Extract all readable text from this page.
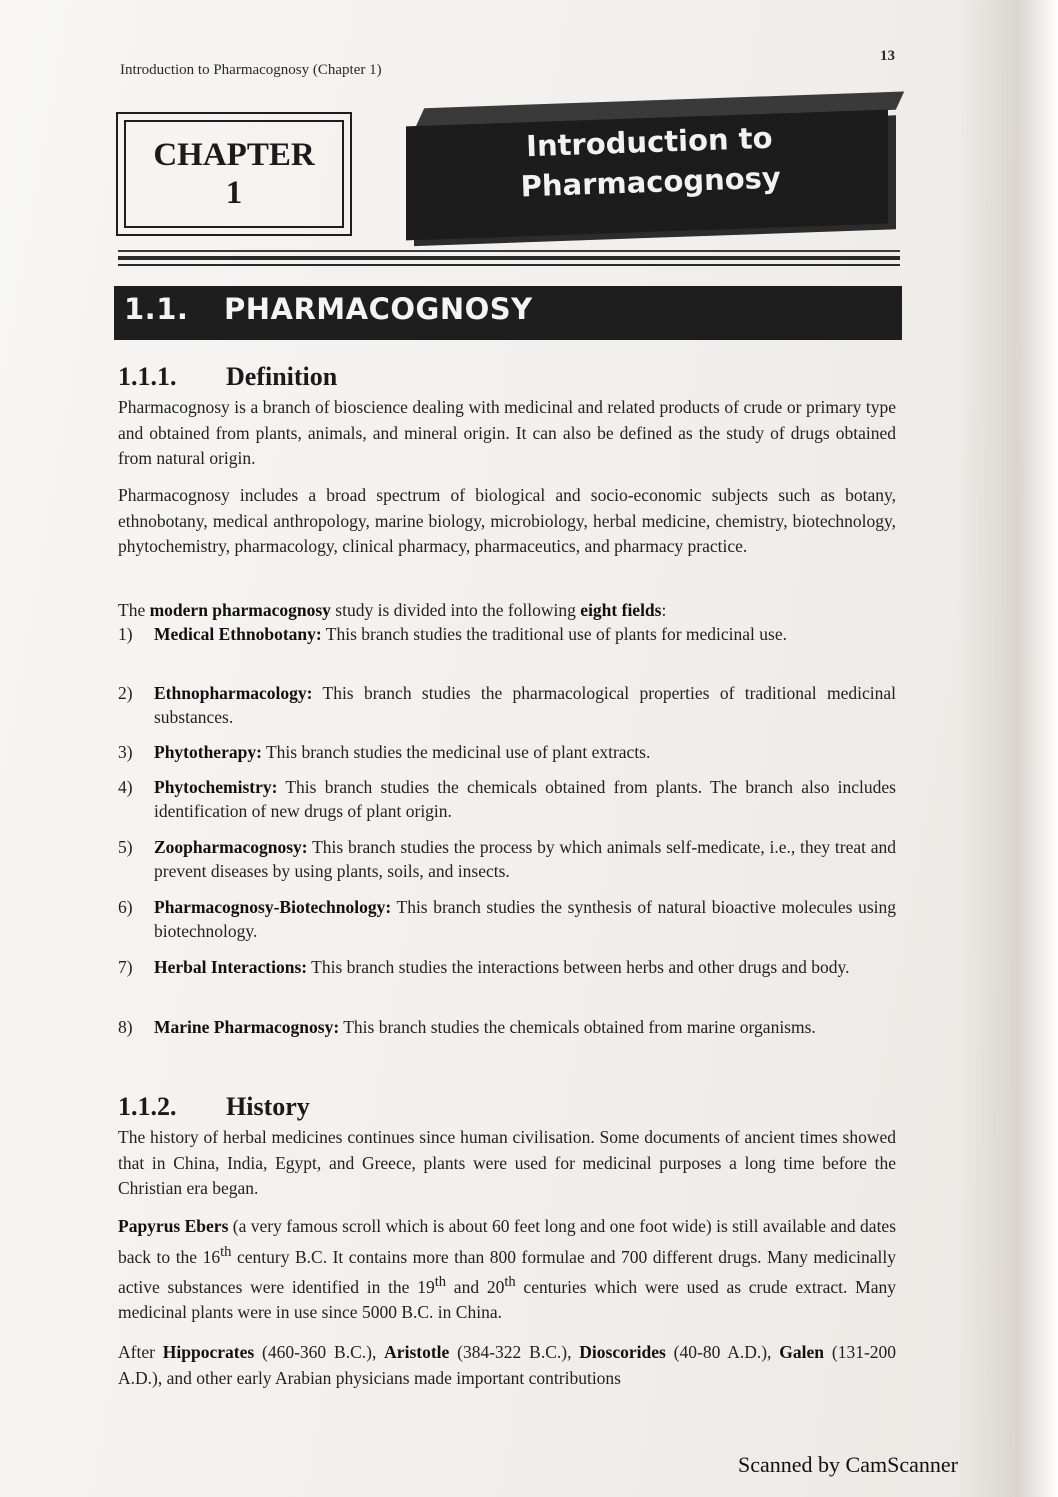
Introduction to Pharmacognosy (Chapter 1)
13
CHAPTER
1
Introduction to
Pharmacognosy
1.1. PHARMACOGNOSY
1.1.1. Definition
Pharmacognosy is a branch of bioscience dealing with medicinal and related products of crude or primary type and obtained from plants, animals, and mineral origin. It can also be defined as the study of drugs obtained from natural origin.
Pharmacognosy includes a broad spectrum of biological and socio-economic subjects such as botany, ethnobotany, medical anthropology, marine biology, microbiology, herbal medicine, chemistry, biotechnology, phytochemistry, pharmacology, clinical pharmacy, pharmaceutics, and pharmacy practice.
The modern pharmacognosy study is divided into the following eight fields:
1)	Medical Ethnobotany: This branch studies the traditional use of plants for medicinal use.
2)	Ethnopharmacology: This branch studies the pharmacological properties of traditional medicinal substances.
3)	Phytotherapy: This branch studies the medicinal use of plant extracts.
4)	Phytochemistry: This branch studies the chemicals obtained from plants. The branch also includes identification of new drugs of plant origin.
5)	Zoopharmacognosy: This branch studies the process by which animals self-medicate, i.e., they treat and prevent diseases by using plants, soils, and insects.
6)	Pharmacognosy-Biotechnology: This branch studies the synthesis of natural bioactive molecules using biotechnology.
7)	Herbal Interactions: This branch studies the interactions between herbs and other drugs and body.
8)	Marine Pharmacognosy: This branch studies the chemicals obtained from marine organisms.
1.1.2. History
The history of herbal medicines continues since human civilisation. Some documents of ancient times showed that in China, India, Egypt, and Greece, plants were used for medicinal purposes a long time before the Christian era began.
Papyrus Ebers (a very famous scroll which is about 60 feet long and one foot wide) is still available and dates back to the 16th century B.C. It contains more than 800 formulae and 700 different drugs. Many medicinally active substances were identified in the 19th and 20th centuries which were used as crude extract. Many medicinal plants were in use since 5000 B.C. in China.
After Hippocrates (460-360 B.C.), Aristotle (384-322 B.C.), Dioscorides (40-80 A.D.), Galen (131-200 A.D.), and other early Arabian physicians made important contributions
Scanned by CamScanner
